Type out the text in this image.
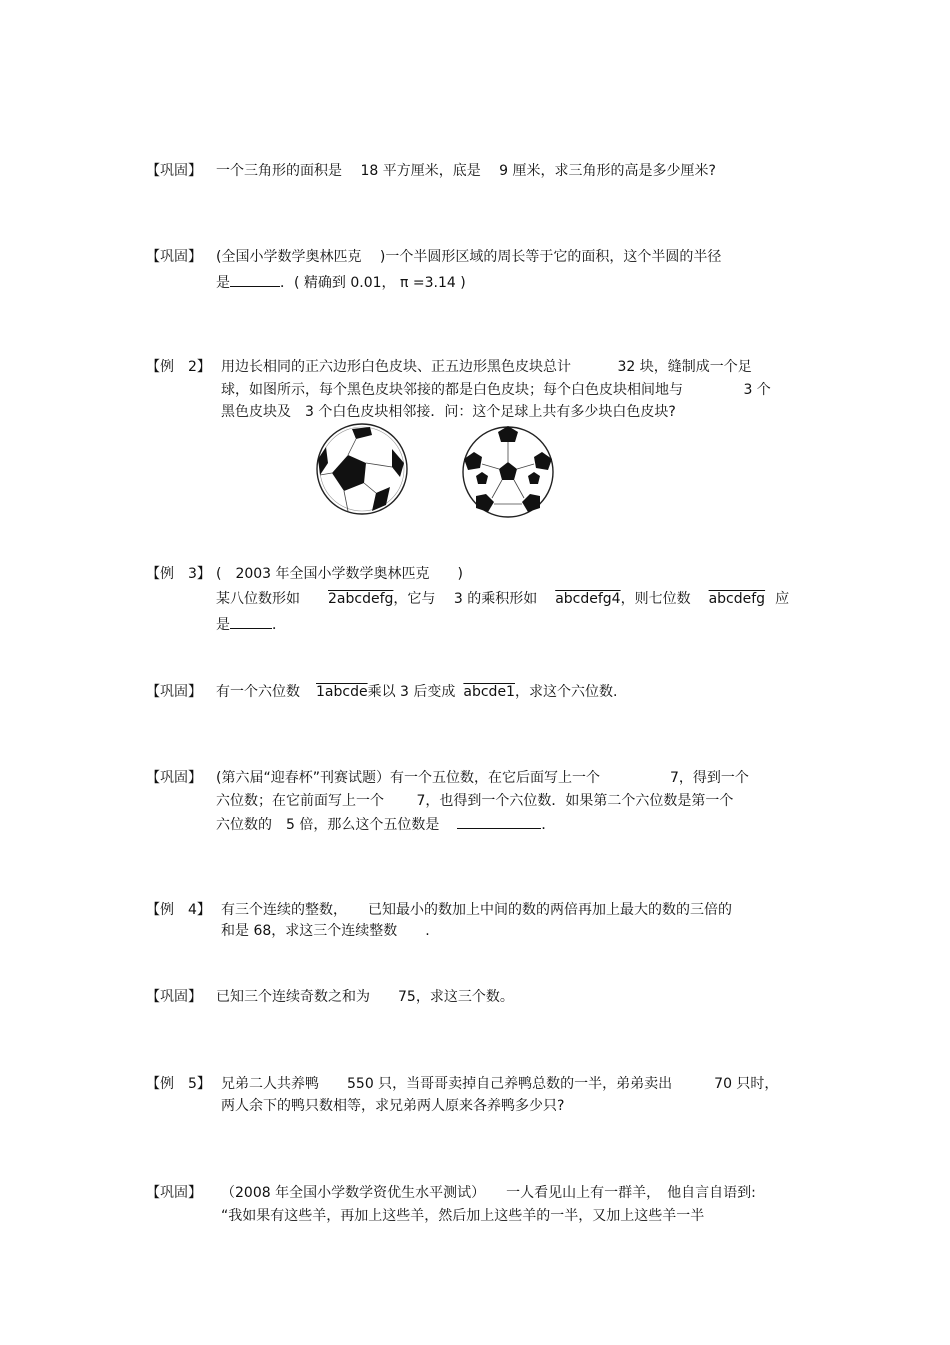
【巩固】 一个三角形的面积是　 18 平方厘米，底是　 9 厘米，求三角形的高是多少厘米?
【巩固】 (全国小学数学奥林匹克　 )一个半圆形区域的周长等于它的面积，这个半圆的半径
是	．( 精确到 0.01， π =3.14 )
【例　2】 用边长相同的正六边形白色皮块、正五边形黑色皮块总计　　　 32 块，缝制成一个足
球，如图所示，每个黑色皮块邻接的都是白色皮块；每个白色皮块相间地与　　　　 3 个
黑色皮块及　3 个白色皮块相邻接．问：这个足球上共有多少块白色皮块?
【例　3】 (　2003 年全国小学数学奥林匹克　　)
某八位数形如 2abcdefg，它与　 3 的乘积形如 abcdefg4，则七位数 abcdefg 应
是	．
【巩固】 有一个六位数 1abcde乘以 3 后变成 abcde1，求这个六位数.
【巩固】 (第六届“迎春杯”刊赛试题）有一个五位数，在它后面写上一个　　　　　7，得到一个
六位数；在它前面写上一个　　 7，也得到一个六位数．如果第二个六位数是第一个
六位数的　5 倍，那么这个五位数是	．
【例　4】 有三个连续的整数，　　已知最小的数加上中间的数的两倍再加上最大的数的三倍的
和是 68，求这三个连续整数　　.
【巩固】 已知三个连续奇数之和为　　75，求这三个数。
【例　5】 兄弟二人共养鸭　　550 只，当哥哥卖掉自己养鸭总数的一半，弟弟卖出　　　70 只时，
两人余下的鸭只数相等，求兄弟两人原来各养鸭多少只?
【巩固】 （2008 年全国小学数学资优生水平测试）　　一人看见山上有一群羊，　他自言自语到:
“我如果有这些羊，再加上这些羊，然后加上这些羊的一半，又加上这些羊一半
